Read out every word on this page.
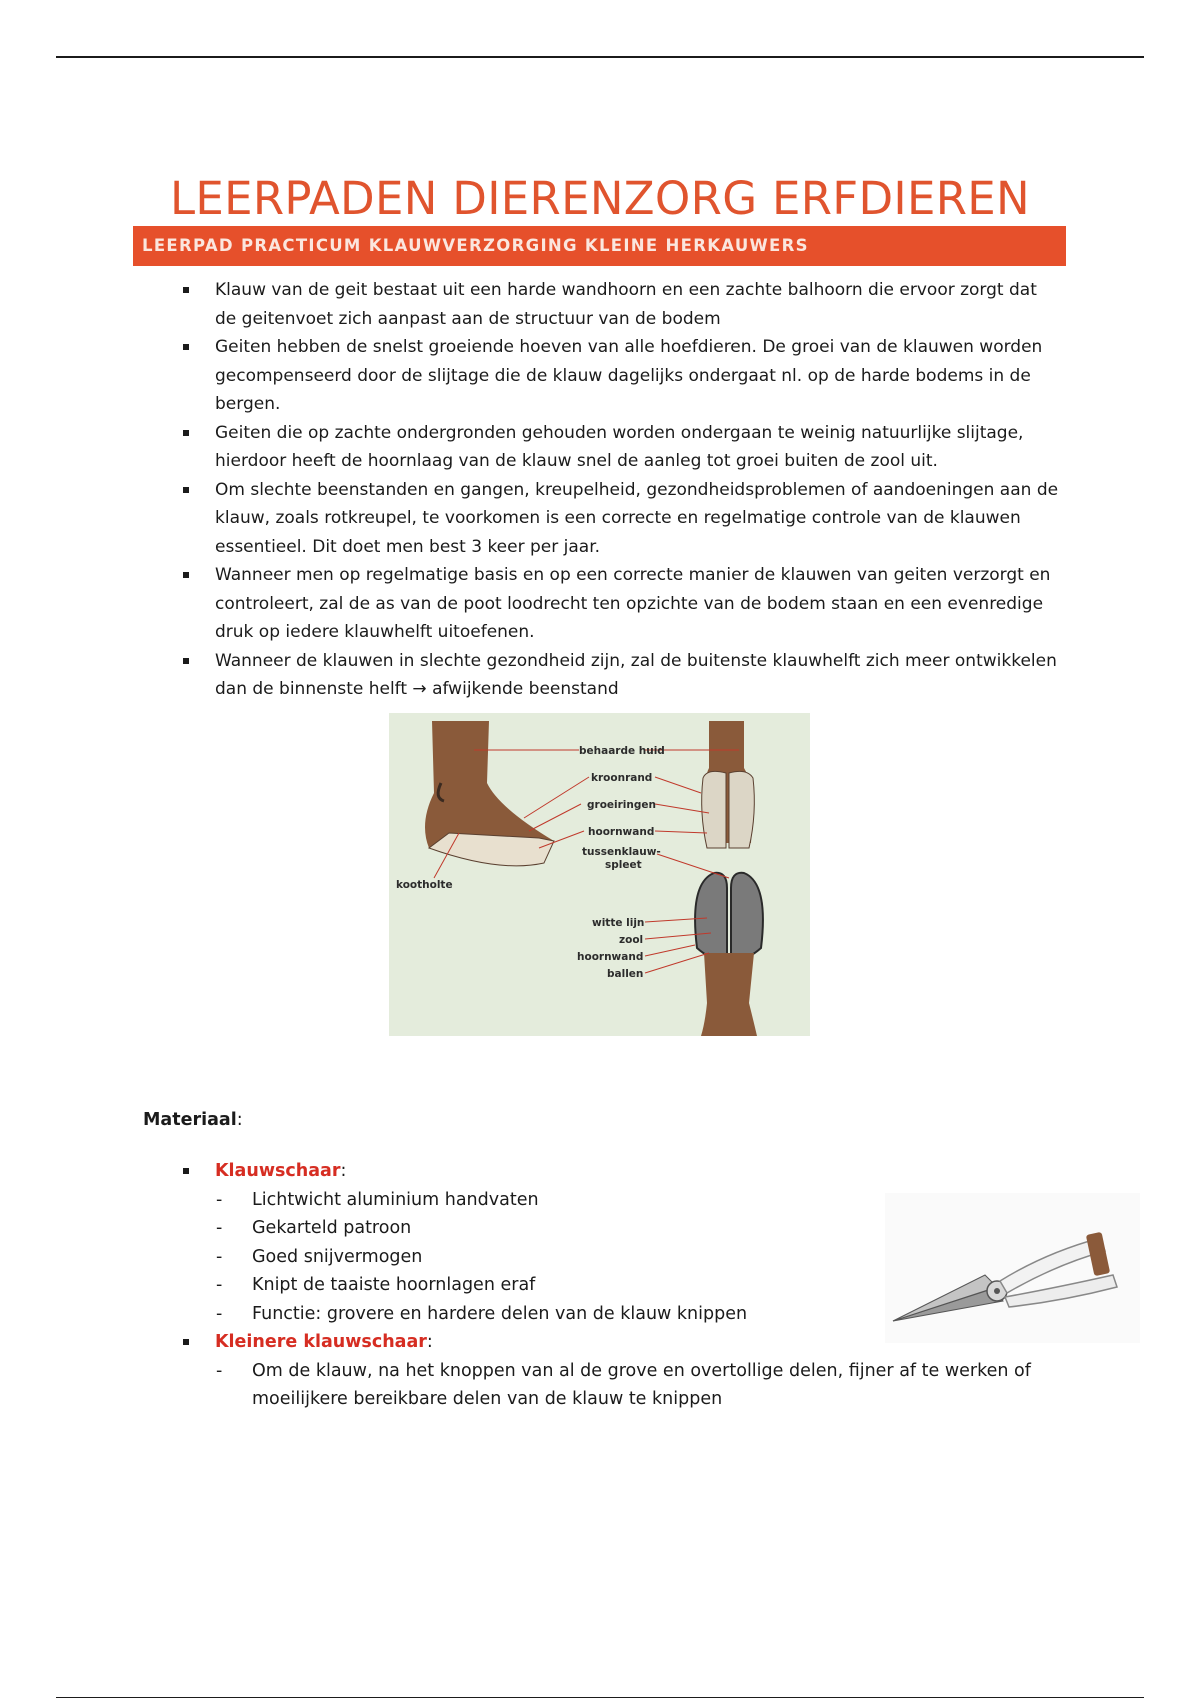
LEERPADEN DIERENZORG ERFDIEREN
LEERPAD PRACTICUM KLAUWVERZORGING KLEINE HERKAUWERS
Klauw van de geit bestaat uit een harde wandhoorn en een zachte balhoorn die ervoor zorgt dat de geitenvoet zich aanpast aan de structuur van de bodem
Geiten hebben de snelst groeiende hoeven van alle hoefdieren. De groei van de klauwen worden gecompenseerd door de slijtage die de klauw dagelijks ondergaat nl. op de harde bodems in de bergen.
Geiten die op zachte ondergronden gehouden worden ondergaan te weinig natuurlijke slijtage, hierdoor heeft de hoornlaag van de klauw snel de aanleg tot groei buiten de zool uit.
Om slechte beenstanden en gangen, kreupelheid, gezondheidsproblemen of aandoeningen aan de klauw, zoals rotkreupel, te voorkomen is een correcte en regelmatige controle van de klauwen essentieel. Dit doet men best 3 keer per jaar.
Wanneer men op regelmatige basis en op een correcte manier de klauwen van geiten verzorgt en controleert, zal de as van de poot loodrecht ten opzichte van de bodem staan en een evenredige druk op iedere klauwhelft uitoefenen.
Wanneer de klauwen in slechte gezondheid zijn, zal de buitenste klauwhelft zich meer ontwikkelen dan de binnenste helft → afwijkende beenstand
behaarde huid
kroonrand
groeiringen
hoornwand
tussenklauw-
spleet
kootholte
witte lijn
zool
hoornwand
ballen
Materiaal:
Klauwschaar:
- Lichtwicht aluminium handvaten
- Gekarteld patroon
- Goed snijvermogen
- Knipt de taaiste hoornlagen eraf
- Functie: grovere en hardere delen van de klauw knippen
Kleinere klauwschaar:
- Om de klauw, na het knoppen van al de grove en overtollige delen, fijner af te werken of moeilijkere bereikbare delen van de klauw te knippen
